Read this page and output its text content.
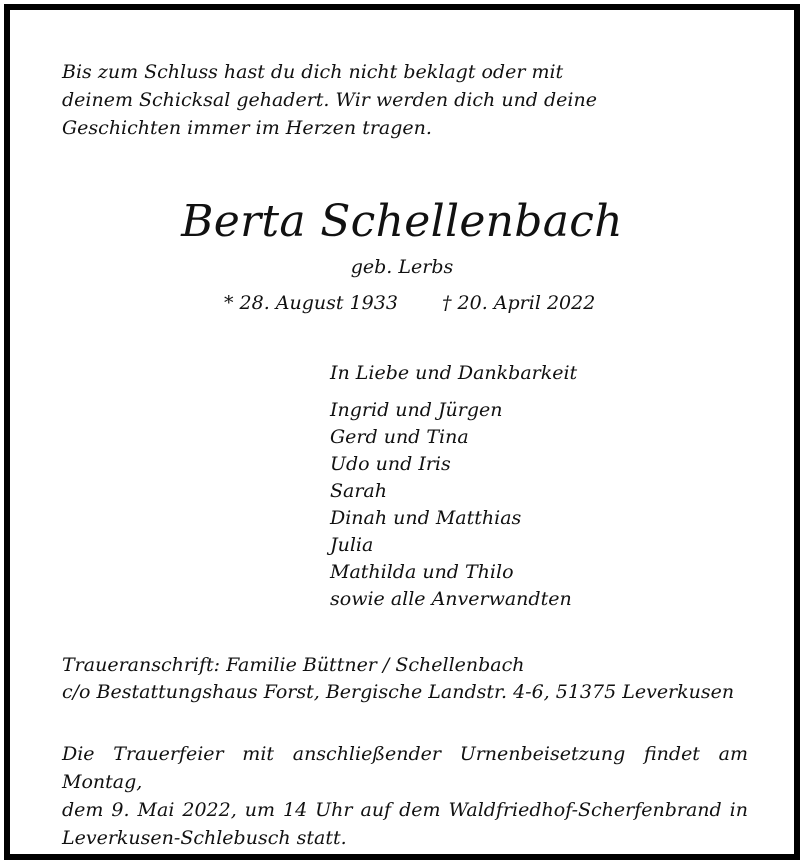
Bis zum Schluss hast du dich nicht beklagt oder mit
deinem Schicksal gehadert. Wir werden dich und deine
Geschichten immer im Herzen tragen.
Berta Schellenbach
geb. Lerbs
* 28. August 1933 † 20. April 2022
In Liebe und Dankbarkeit
Ingrid und Jürgen
Gerd und Tina
Udo und Iris
Sarah
Dinah und Matthias
Julia
Mathilda und Thilo
sowie alle Anverwandten
Traueranschrift: Familie Büttner / Schellenbach
c/o Bestattungshaus Forst, Bergische Landstr. 4-6, 51375 Leverkusen
Die Trauerfeier mit anschließender Urnenbeisetzung findet am Montag,
dem 9. Mai 2022, um 14 Uhr auf dem Waldfriedhof-Scherfenbrand in
Leverkusen-Schlebusch statt.
